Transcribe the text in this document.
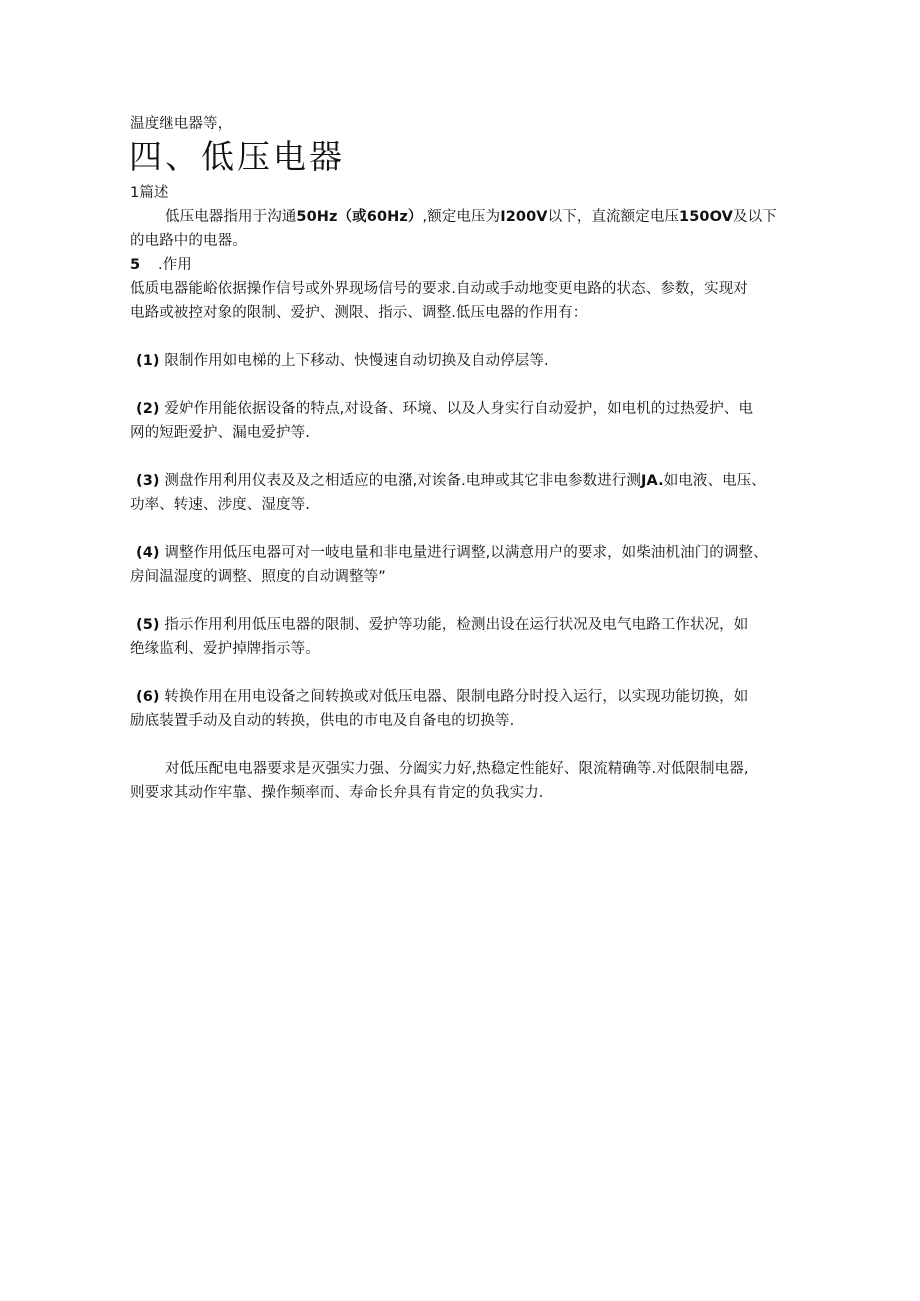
温度继电器等，
四、低压电器
1篇述
低压电器指用于沟通50Hz（或60Hz）,额定电压为I200V以下，直流额定电压150OV及以下
的电路中的电器。
5 .作用
低质电器能峪依据操作信号或外界现场信号的要求.自动或手动地变更电路的状态、参数，实现对
电路或被控对象的限制、爱护、测限、指示、调整.低压电器的作用有：
(1) 限制作用如电梯的上下移动、快慢速自动切换及自动停层等.
(2) 爱妒作用能依据设备的特点,对设备、环境、以及人身实行自动爱护，如电机的过热爱护、电
网的短距爱护、漏电爱护等.
(3) 测盘作用利用仪表及及之相适应的电潴,对诶备.电珅或其它非电参数进行测JA.如电液、电压、
功率、转速、涉度、湿度等.
(4) 调整作用低压电器可对一岐电量和非电量进行调整,以满意用户的要求，如柴油机油门的调整、
房间温湿度的调整、照度的自动调整等”
(5) 指示作用利用低压电器的限制、爱护等功能，检测出设在运行状况及电气电路工作状况，如
绝缘监利、爱护掉牌指示等。
(6) 转换作用在用电设备之间转换或对低压电器、限制电路分时投入运行，以实现功能切换，如
励底装置手动及自动的转换，供电的市电及自备电的切换等.
对低压配电电器要求是灭强实力强、分阖实力好,热稳定性能好、限流精确等.对低限制电器,
则要求其动作牢靠、操作频率而、寿命长弁具有肯定的负我实力.
